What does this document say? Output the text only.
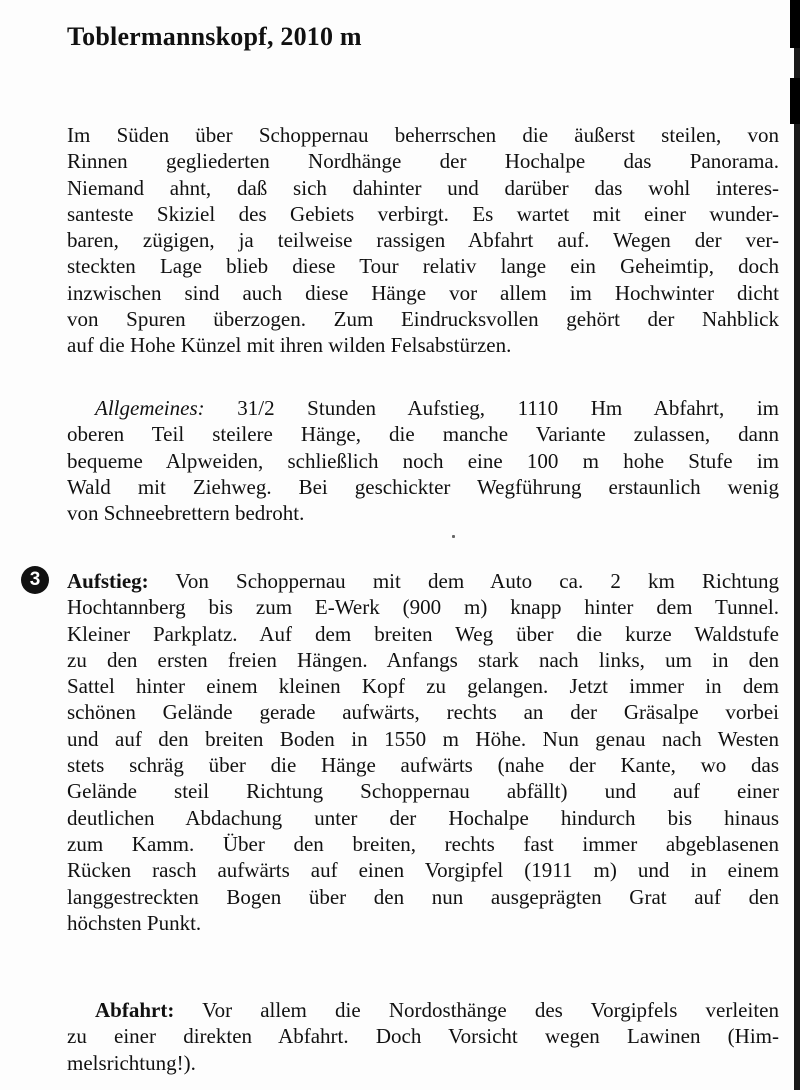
Toblermannskopf, 2010 m
Im Süden über Schoppernau beherrschen die äußerst steilen, von
Rinnen gegliederten Nordhänge der Hochalpe das Panorama.
Niemand ahnt, daß sich dahinter und darüber das wohl interes-
santeste Skiziel des Gebiets verbirgt. Es wartet mit einer wunder-
baren, zügigen, ja teilweise rassigen Abfahrt auf. Wegen der ver-
steckten Lage blieb diese Tour relativ lange ein Geheimtip, doch
inzwischen sind auch diese Hänge vor allem im Hochwinter dicht
von Spuren überzogen. Zum Eindrucksvollen gehört der Nahblick
auf die Hohe Künzel mit ihren wilden Felsabstürzen.
Allgemeines: 31/2 Stunden Aufstieg, 1110 Hm Abfahrt, im
oberen Teil steilere Hänge, die manche Variante zulassen, dann
bequeme Alpweiden, schließlich noch eine 100 m hohe Stufe im
Wald mit Ziehweg. Bei geschickter Wegführung erstaunlich wenig
von Schneebrettern bedroht.
3	Aufstieg: Von Schoppernau mit dem Auto ca. 2 km Richtung
Hochtannberg bis zum E-Werk (900 m) knapp hinter dem Tunnel.
Kleiner Parkplatz. Auf dem breiten Weg über die kurze Waldstufe
zu den ersten freien Hängen. Anfangs stark nach links, um in den
Sattel hinter einem kleinen Kopf zu gelangen. Jetzt immer in dem
schönen Gelände gerade aufwärts, rechts an der Gräsalpe vorbei
und auf den breiten Boden in 1550 m Höhe. Nun genau nach Westen
stets schräg über die Hänge aufwärts (nahe der Kante, wo das
Gelände steil Richtung Schoppernau abfällt) und auf einer
deutlichen Abdachung unter der Hochalpe hindurch bis hinaus
zum Kamm. Über den breiten, rechts fast immer abgeblasenen
Rücken rasch aufwärts auf einen Vorgipfel (1911 m) und in einem
langgestreckten Bogen über den nun ausgeprägten Grat auf den
höchsten Punkt.
Abfahrt: Vor allem die Nordosthänge des Vorgipfels verleiten
zu einer direkten Abfahrt. Doch Vorsicht wegen Lawinen (Him-
melsrichtung!).
